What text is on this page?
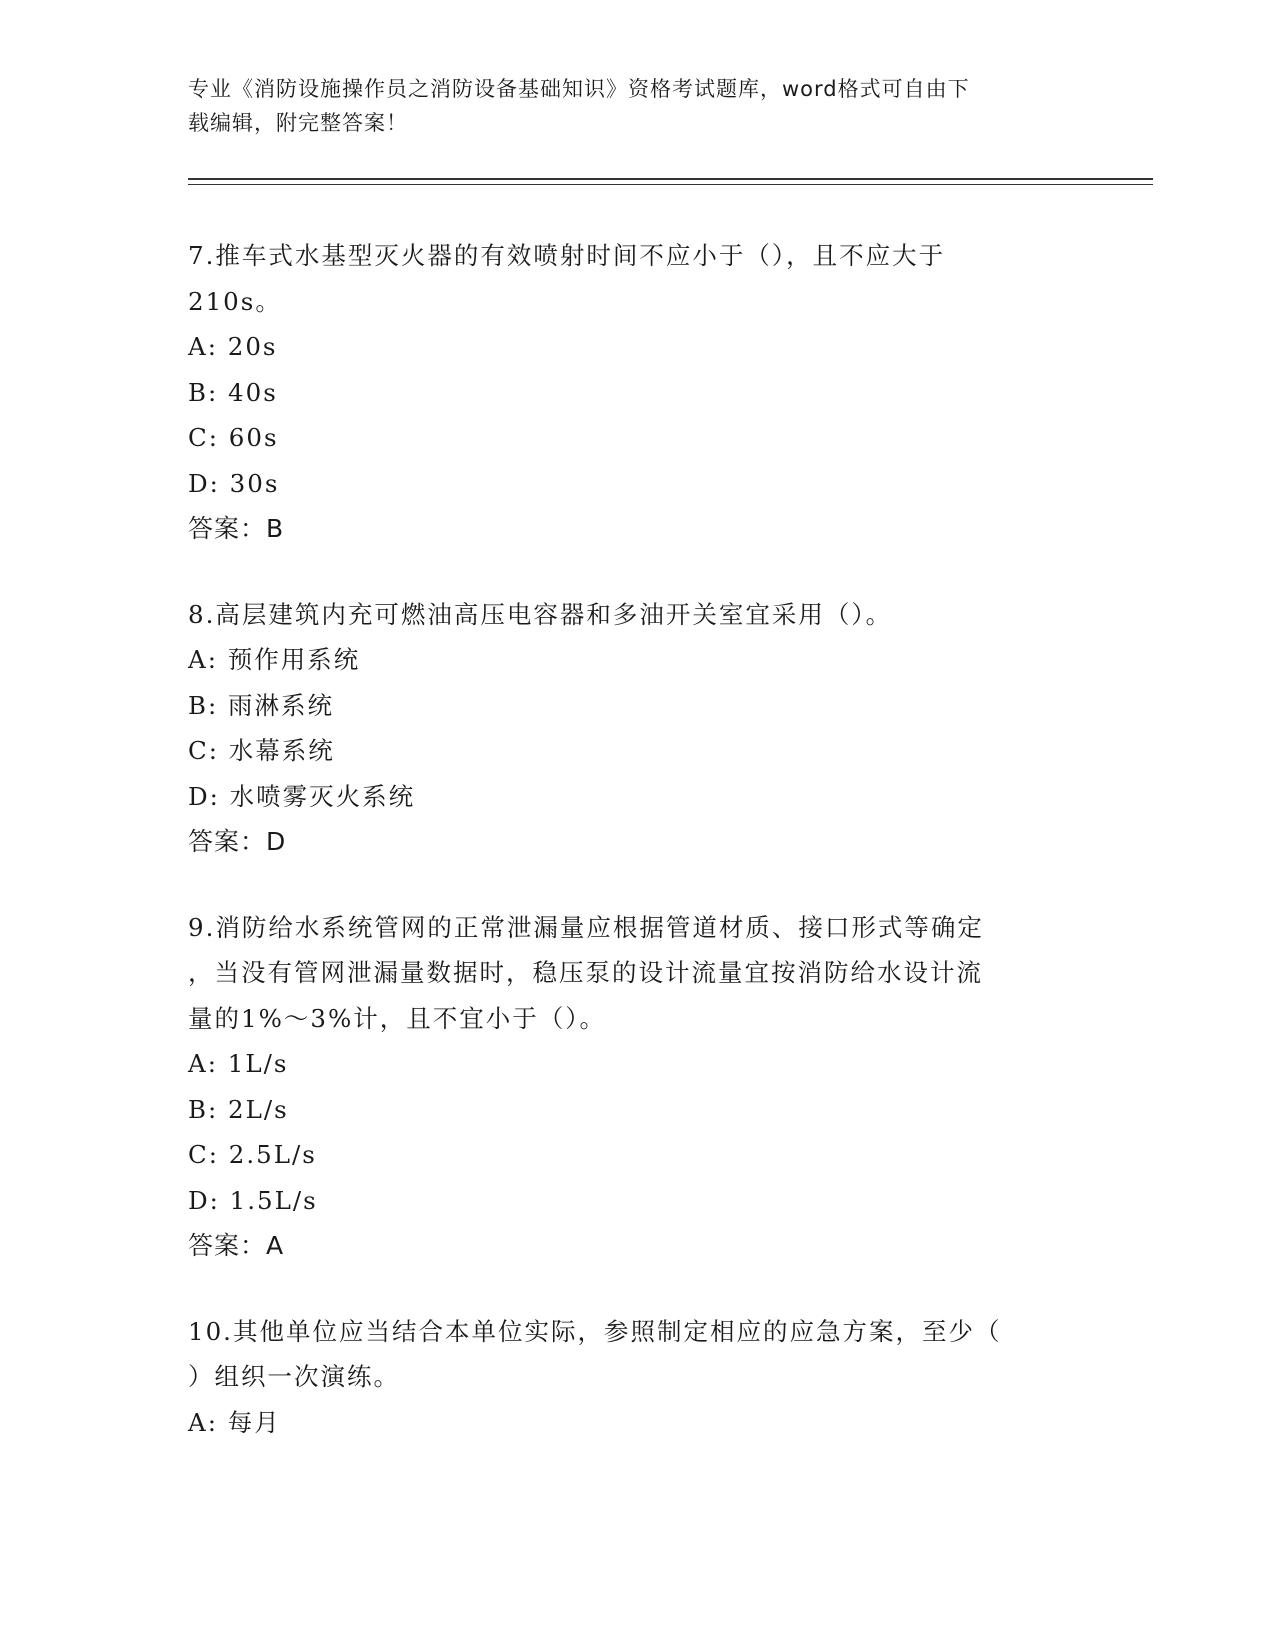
专业《消防设施操作员之消防设备基础知识》资格考试题库，word格式可自由下
载编辑，附完整答案！
7.推车式水基型灭火器的有效喷射时间不应小于（），且不应大于
210s。
A: 20s
B: 40s
C: 60s
D: 30s
答案：B
8.高层建筑内充可燃油高压电容器和多油开关室宜采用（）。
A: 预作用系统
B: 雨淋系统
C: 水幕系统
D: 水喷雾灭火系统
答案：D
9.消防给水系统管网的正常泄漏量应根据管道材质、接口形式等确定
，当没有管网泄漏量数据时，稳压泵的设计流量宜按消防给水设计流
量的1%～3%计，且不宜小于（）。
A: 1L/s
B: 2L/s
C: 2.5L/s
D: 1.5L/s
答案：A
10.其他单位应当结合本单位实际，参照制定相应的应急方案，至少（
）组织一次演练。
A: 每月
